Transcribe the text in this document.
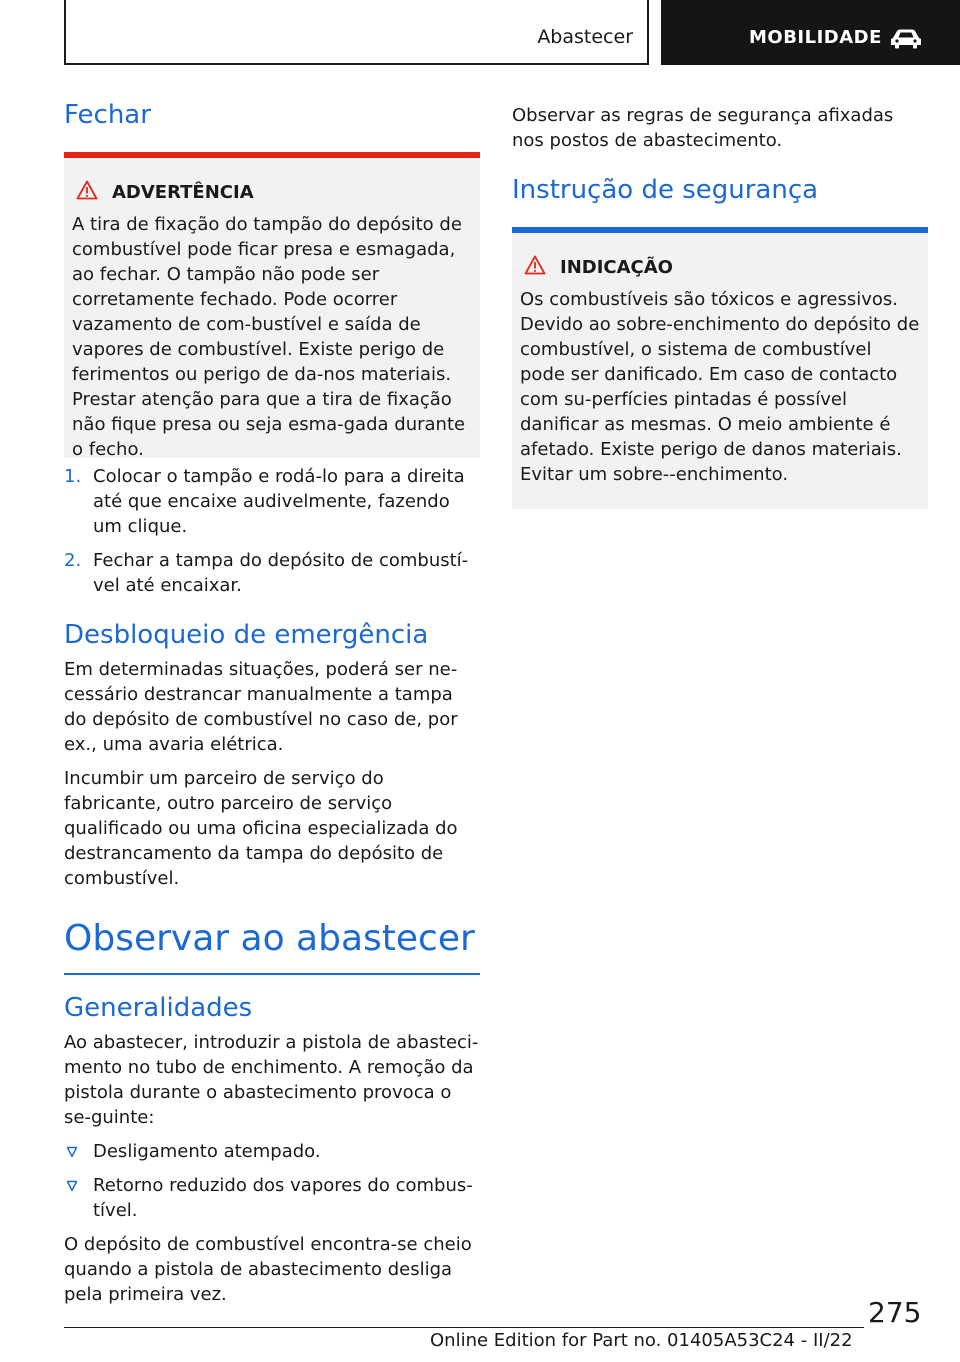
Abastecer	MOBILIDADE
Fechar
ADVERTÊNCIA
A tira de fixação do tampão do depósito de combustível pode ficar presa e esmagada, ao fechar. O tampão não pode ser corretamente fechado. Pode ocorrer vazamento de com‐bustível e saída de vapores de combustível. Existe perigo de ferimentos ou perigo de da‐nos materiais. Prestar atenção para que a tira de fixação não fique presa ou seja esma‐gada durante o fecho.
1. Colocar o tampão e rodá-lo para a direita até que encaixe audivelmente, fazendo um clique.
2. Fechar a tampa do depósito de combustí‐vel até encaixar.
Desbloqueio de emergência
Em determinadas situações, poderá ser ne‐cessário destrancar manualmente a tampa do depósito de combustível no caso de, por ex., uma avaria elétrica.
Incumbir um parceiro de serviço do fabricante, outro parceiro de serviço qualificado ou uma oficina especializada do destrancamento da tampa do depósito de combustível.
Observar ao abastecer
Generalidades
Ao abastecer, introduzir a pistola de abasteci‐mento no tubo de enchimento. A remoção da pistola durante o abastecimento provoca o se‐guinte:
Desligamento atempado.
Retorno reduzido dos vapores do combus‐tível.
O depósito de combustível encontra-se cheio quando a pistola de abastecimento desliga pela primeira vez.
Observar as regras de segurança afixadas nos postos de abastecimento.
Instrução de segurança
INDICAÇÃO
Os combustíveis são tóxicos e agressivos. Devido ao sobre-enchimento do depósito de combustível, o sistema de combustível pode ser danificado. Em caso de contacto com su‐perfícies pintadas é possível danificar as mesmas. O meio ambiente é afetado. Existe perigo de danos materiais. Evitar um sobre‐-enchimento.
275
Online Edition for Part no. 01405A53C24 - II/22
